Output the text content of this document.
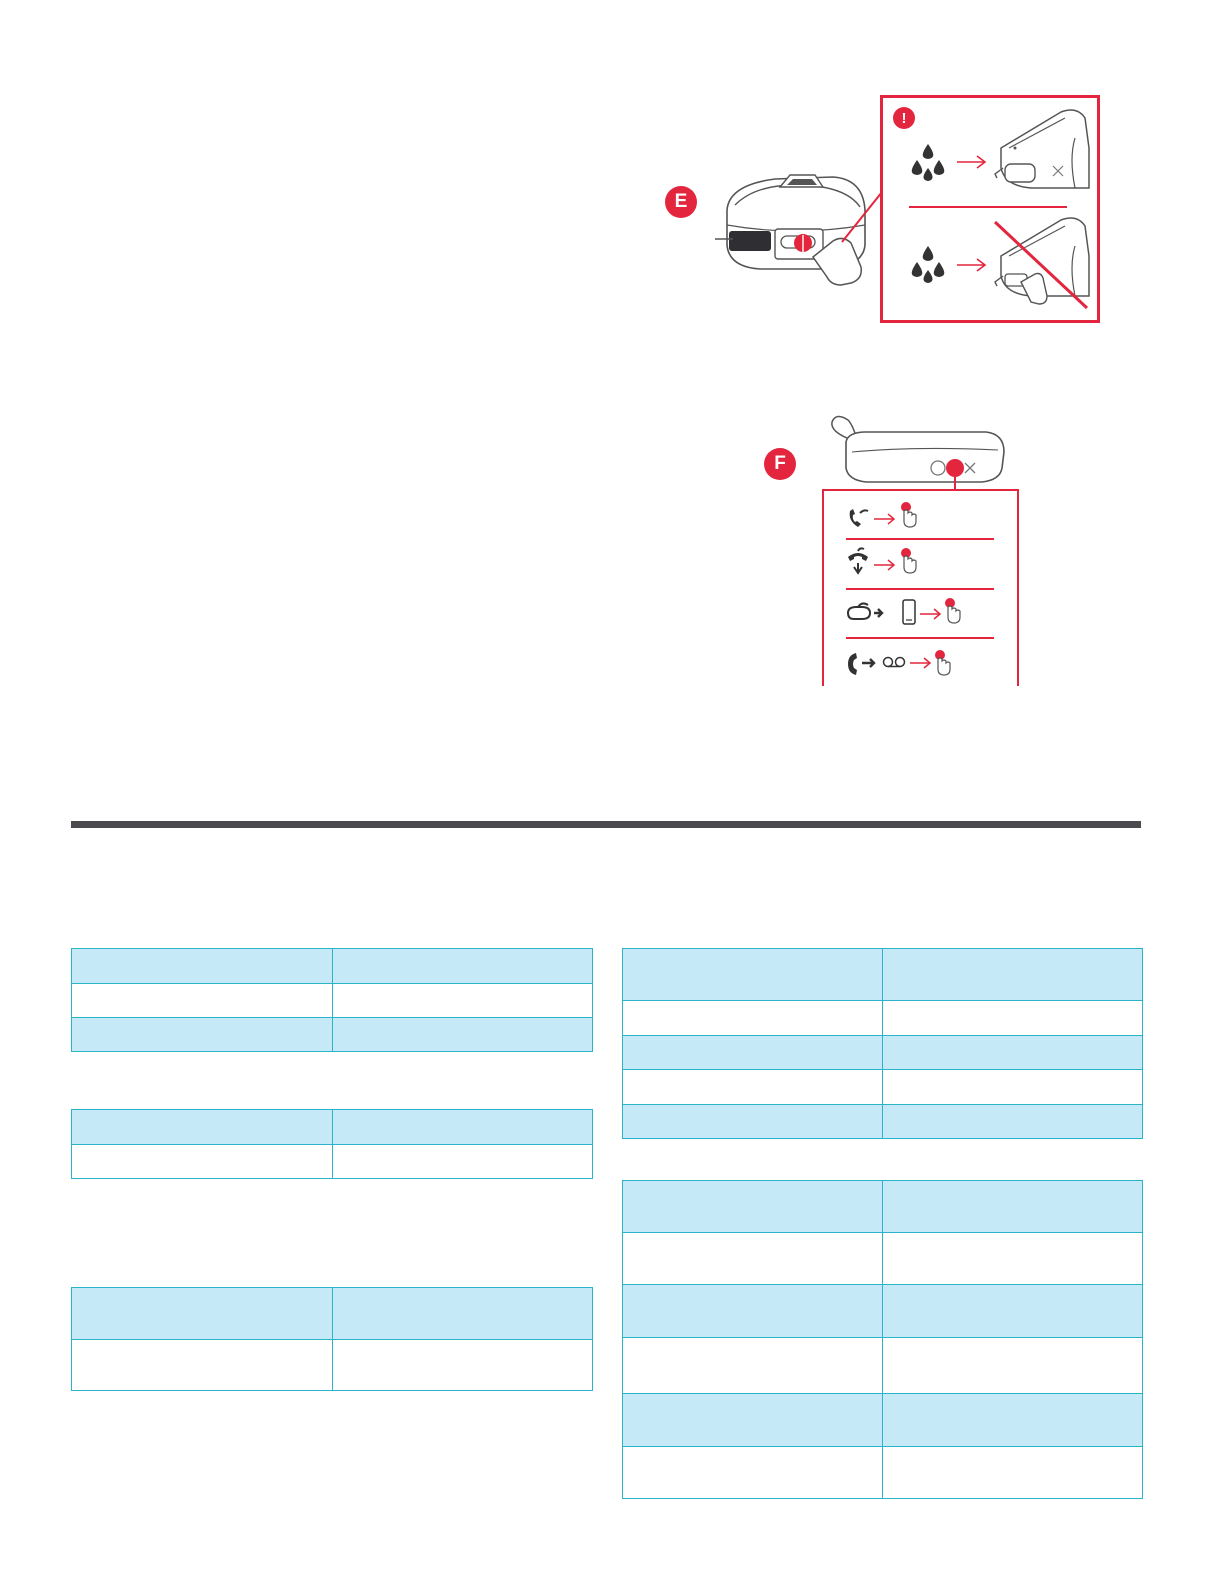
E
!
F
